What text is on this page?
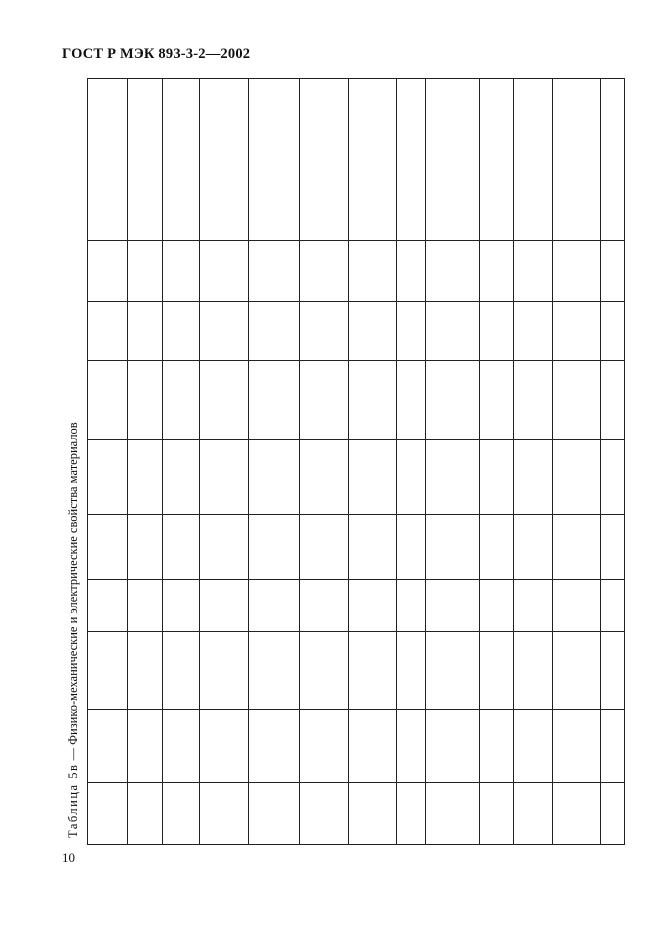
ГОСТ Р МЭК 893-3-2—2002
10
Таблица 5в — Физико-механические и электрические свойства материалов
